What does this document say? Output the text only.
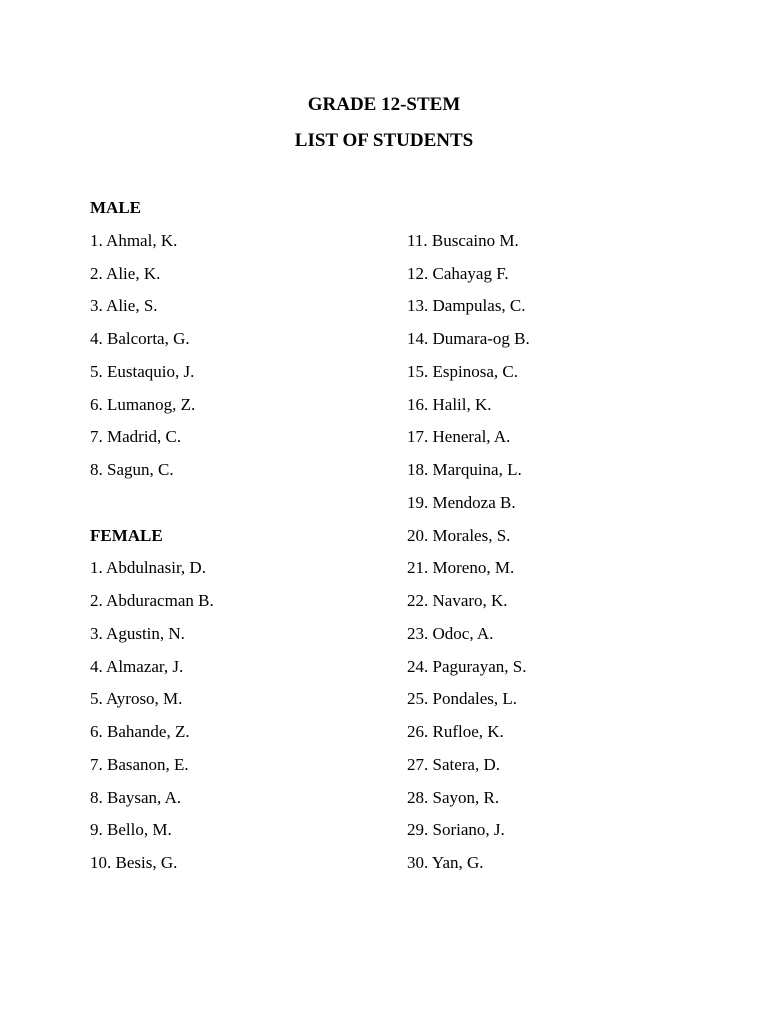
GRADE 12-STEM
LIST OF STUDENTS
MALE
1. Ahmal, K.
2. Alie, K.
3. Alie, S.
4. Balcorta, G.
5. Eustaquio, J.
6. Lumanog, Z.
7. Madrid, C.
8. Sagun, C.
FEMALE
1. Abdulnasir, D.
2. Abduracman B.
3. Agustin, N.
4. Almazar, J.
5. Ayroso, M.
6. Bahande, Z.
7. Basanon, E.
8. Baysan, A.
9. Bello, M.
10. Besis, G.
11. Buscaino M.
12. Cahayag F.
13. Dampulas, C.
14. Dumara-og B.
15. Espinosa, C.
16. Halil, K.
17. Heneral, A.
18. Marquina, L.
19. Mendoza B.
20. Morales, S.
21. Moreno, M.
22. Navaro, K.
23. Odoc, A.
24. Pagurayan, S.
25. Pondales, L.
26. Rufloe, K.
27. Satera, D.
28. Sayon, R.
29. Soriano, J.
30. Yan, G.
